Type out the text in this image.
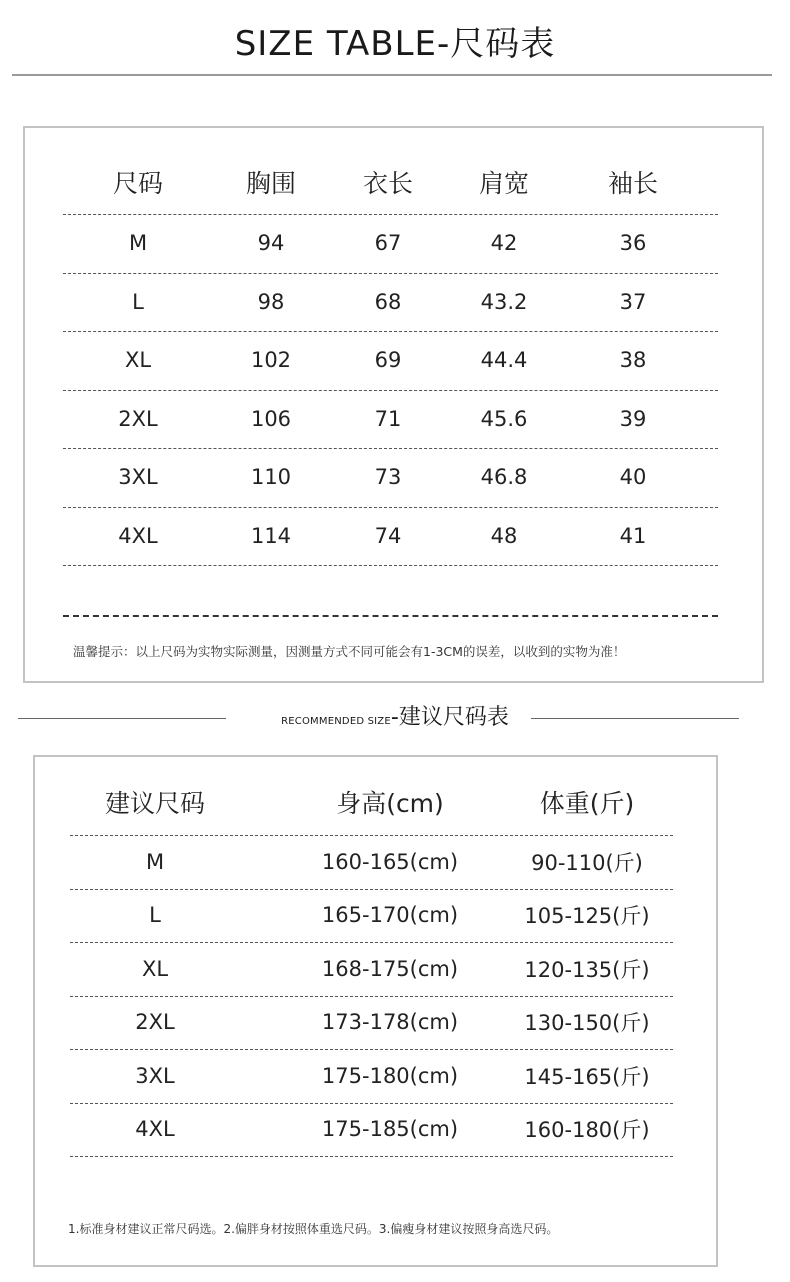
SIZE TABLE-尺码表
尺码	胸围	衣长	肩宽	袖长
M	94	67	42	36
L	98	68	43.2	37
XL	102	69	44.4	38
2XL	106	71	45.6	39
3XL	110	73	46.8	40
4XL	114	74	48	41
温馨提示：以上尺码为实物实际测量，因测量方式不同可能会有1-3CM的误差，以收到的实物为准！
RECOMMENDED SIZE-建议尺码表
建议尺码	身高(cm)	体重(斤)
M	160-165(cm)	90-110(斤)
L	165-170(cm)	105-125(斤)
XL	168-175(cm)	120-135(斤)
2XL	173-178(cm)	130-150(斤)
3XL	175-180(cm)	145-165(斤)
4XL	175-185(cm)	160-180(斤)
1.标准身材建议正常尺码选。2.偏胖身材按照体重选尺码。3.偏瘦身材建议按照身高选尺码。
